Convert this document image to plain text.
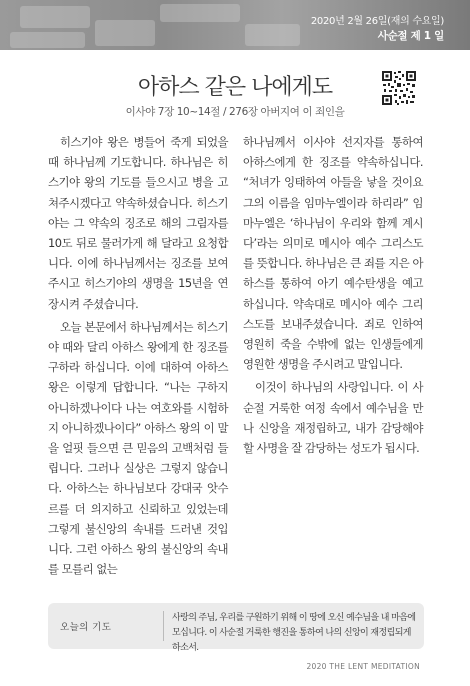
2020년 2월 26일(재의 수요일)
사순절 제 1 일
아하스 같은 나에게도
이사야 7장 10~14절 / 276장 아버지여 이 죄인을

히스기야 왕은 병들어 죽게 되었을 때 하나님께 기도합니다. 하나님은 히스기야 왕의 기도를 들으시고 병을 고쳐주시겠다고 약속하셨습니다. 히스기야는 그 약속의 징조로 해의 그림자를 10도 뒤로 물러가게 해 달라고 요청합니다. 이에 하나님께서는 징조를 보여주시고 히스기야의 생명을 15년을 연장시켜 주셨습니다.

오늘 본문에서 하나님께서는 히스기야 때와 달리 아하스 왕에게 한 징조를 구하라 하십니다. 이에 대하여 아하스 왕은 이렇게 답합니다. “나는 구하지 아니하겠나이다 나는 여호와를 시험하지 아니하겠나이다” 아하스 왕의 이 말을 얼핏 들으면 큰 믿음의 고백처럼 들립니다. 그러나 실상은 그렇지 않습니다. 아하스는 하나님보다 강대국 앗수르를 더 의지하고 신뢰하고 있었는데 그렇게 불신앙의 속내를 드러낸 것입니다. 그런 아하스 왕의 불신앙의 속내를 모를리 없는

하나님께서 이사야 선지자를 통하여 아하스에게 한 징조를 약속하십니다. “처녀가 잉태하여 아들을 낳을 것이요 그의 이름을 임마누엘이라 하리라” 임마누엘은 ‘하나님이 우리와 함께 계시다’라는 의미로 메시아 예수 그리스도를 뜻합니다. 하나님은 큰 죄를 지은 아하스를 통하여 아기 예수탄생을 예고하십니다. 약속대로 메시아 예수 그리스도를 보내주셨습니다. 죄로 인하여 영원히 죽을 수밖에 없는 인생들에게 영원한 생명을 주시려고 말입니다.

이것이 하나님의 사랑입니다. 이 사순절 거룩한 여정 속에서 예수님을 만나 신앙을 재정립하고, 내가 감당해야 할 사명을 잘 감당하는 성도가 됩시다.

오늘의 기도
사랑의 주님, 우리를 구원하기 위해 이 땅에 오신 예수님을 내 마음에 모십니다. 이 사순절 거룩한 행진을 통하여 나의 신앙이 재정립되게 하소서.
2020 THE LENT MEDITATION
